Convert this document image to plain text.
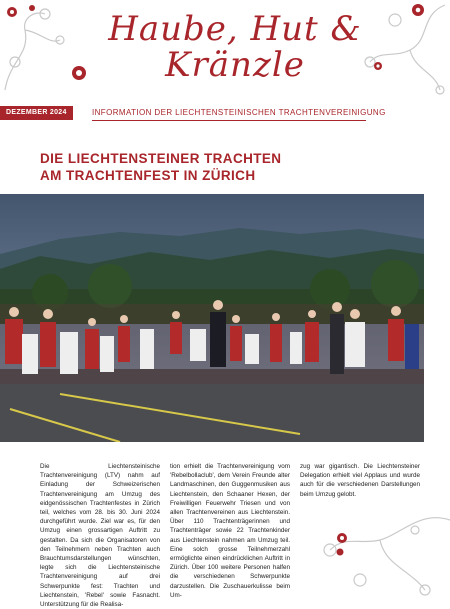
Haube, Hut &
Kränzle
DEZEMBER 2024	INFORMATION DER LIECHTENSTEINISCHEN TRACHTENVEREINIGUNG
DIE LIECHTENSTEINER TRACHTEN
AM TRACHTENFEST IN ZÜRICH
Die Liechtensteinische Trachtenvereinigung (LTV) nahm auf Einladung der Schweizerischen Trachtenvereinigung am Umzug des eidgenössischen Trachtenfestes in Zürich teil, welches vom 28. bis 30. Juni 2024 durchgeführt wurde. Ziel war es, für den Umzug einen grossartigen Auftritt zu gestalten. Da sich die Organisatoren von den Teilnehmern neben Trachten auch Brauchtumsdarstellungen wünschten, legte sich die Liechtensteinische Trachtenvereinigung auf drei Schwerpunkte fest: Trachten und Liechtenstein, 'Rebel' sowie Fasnacht. Unterstützung für die Realisa-
tion erhielt die Trachtenvereinigung vom 'Rebelbollaclub', dem Verein Freunde alter Landmaschinen, den Guggenmusiken aus Liechtenstein, den Schaaner Hexen, der Freiwilligen Feuerwehr Triesen und von allen Trachtenvereinen aus Liechtenstein. Über 110 Trachtenträgerinnen und Trachtenträger sowie 22 Trachtenkinder aus Liechtenstein nahmen am Umzug teil. Eine solch grosse Teilnehmerzahl ermöglichte einen eindrücklichen Auftritt in Zürich. Über 100 weitere Personen halfen die verschiedenen Schwerpunkte darzustellen. Die Zuschauerkulisse beim Um-
zug war gigantisch. Die Liechtensteiner Delegation erhielt viel Applaus und wurde auch für die verschiedenen Darstellungen beim Umzug gelobt.
